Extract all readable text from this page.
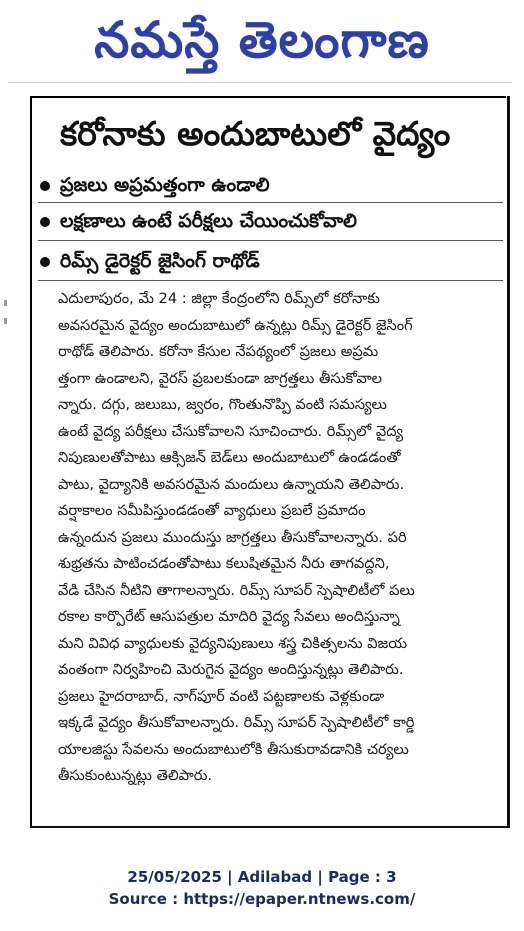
నమస్తే తెలంగాణ
కరోనాకు అందుబాటులో వైద్యం
ప్రజలు అప్రమత్తంగా ఉండాలి
లక్షణాలు ఉంటే పరీక్షలు చేయించుకోవాలి
రిమ్స్ డైరెక్టర్ జైసింగ్ రాథోడ్
ఎదులాపురం, మే 24 : జిల్లా కేంద్రంలోని రిమ్స్‌లో కరోనాకు
అవసరమైన వైద్యం అందుబాటులో ఉన్నట్లు రిమ్స్ డైరెక్టర్ జైసింగ్
రాథోడ్ తెలిపారు. కరోనా కేసుల నేపథ్యంలో ప్రజలు అప్రమ
త్తంగా ఉండాలని, వైరస్ ప్రబలకుండా జాగ్రత్తలు తీసుకోవాల
న్నారు. దగ్గు, జలుబు, జ్వరం, గొంతునొప్పి వంటి సమస్యలు
ఉంటే వైద్య పరీక్షలు చేసుకోవాలని సూచించారు. రిమ్స్‌లో వైద్య
నిపుణులతోపాటు ఆక్సిజన్ బెడ్‌లు అందుబాటులో ఉండడంతో
పాటు, వైద్యానికి అవసరమైన మందులు ఉన్నాయని తెలిపారు.
వర్షాకాలం సమీపిస్తుండడంతో వ్యాధులు ప్రబలే ప్రమాదం
ఉన్నందున ప్రజలు ముందుస్తు జాగ్రత్తలు తీసుకోవాలన్నారు. పరి
శుభ్రతను పాటించడంతోపాటు కలుషితమైన నీరు తాగవద్దని,
వేడి చేసిన నీటిని తాగాలన్నారు. రిమ్స్ సూపర్ స్పెషాలిటీలో పలు
రకాల కార్పొరేట్ ఆసుపత్రుల మాదిరి వైద్య సేవలు అందిస్తున్నా
మని వివిధ వ్యాధులకు వైద్యనిపుణులు శస్త్ర చికిత్సలను విజయ
వంతంగా నిర్వహించి మెరుగైన వైద్యం అందిస్తున్నట్లు తెలిపారు.
ప్రజలు హైదరాబాద్, నాగ్‌పూర్ వంటి పట్టణాలకు వెళ్లకుండా
ఇక్కడే వైద్యం తీసుకోవాలన్నారు. రిమ్స్ సూపర్ స్పెషాలిటీలో కార్డి
యాలజిస్టు సేవలను అందుబాటులోకి తీసుకురావడానికి చర్యలు
తీసుకుంటున్నట్లు తెలిపారు.
25/05/2025 | Adilabad | Page : 3
Source : https://epaper.ntnews.com/
